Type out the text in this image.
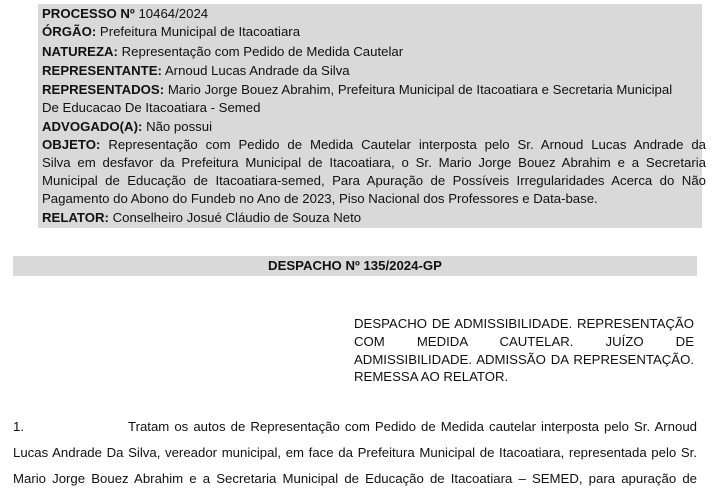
PROCESSO Nº 10464/2024
ÓRGÃO: Prefeitura Municipal de Itacoatiara
NATUREZA: Representação com Pedido de Medida Cautelar
REPRESENTANTE: Arnoud Lucas Andrade da Silva
REPRESENTADOS: Mario Jorge Bouez Abrahim, Prefeitura Municipal de Itacoatiara e Secretaria Municipal
De Educacao De Itacoatiara - Semed
ADVOGADO(A): Não possui
OBJETO: Representação com Pedido de Medida Cautelar interposta pelo Sr. Arnoud Lucas Andrade da
Silva em desfavor da Prefeitura Municipal de Itacoatiara, o Sr. Mario Jorge Bouez Abrahim e a Secretaria
Municipal de Educação de Itacoatiara-semed, Para Apuração de Possíveis Irregularidades Acerca do Não
Pagamento do Abono do Fundeb no Ano de 2023, Piso Nacional dos Professores e Data-base.
RELATOR: Conselheiro Josué Cláudio de Souza Neto
DESPACHO Nº 135/2024-GP
DESPACHO DE ADMISSIBILIDADE. REPRESENTAÇÃO
COM MEDIDA CAUTELAR. JUÍZO DE
ADMISSIBILIDADE. ADMISSÃO DA REPRESENTAÇÃO.
REMESSA AO RELATOR.
1.	Tratam os autos de Representação com Pedido de Medida cautelar interposta pelo Sr. Arnoud
Lucas Andrade Da Silva, vereador municipal, em face da Prefeitura Municipal de Itacoatiara, representada pelo Sr.
Mario Jorge Bouez Abrahim e a Secretaria Municipal de Educação de Itacoatiara – SEMED, para apuração de
